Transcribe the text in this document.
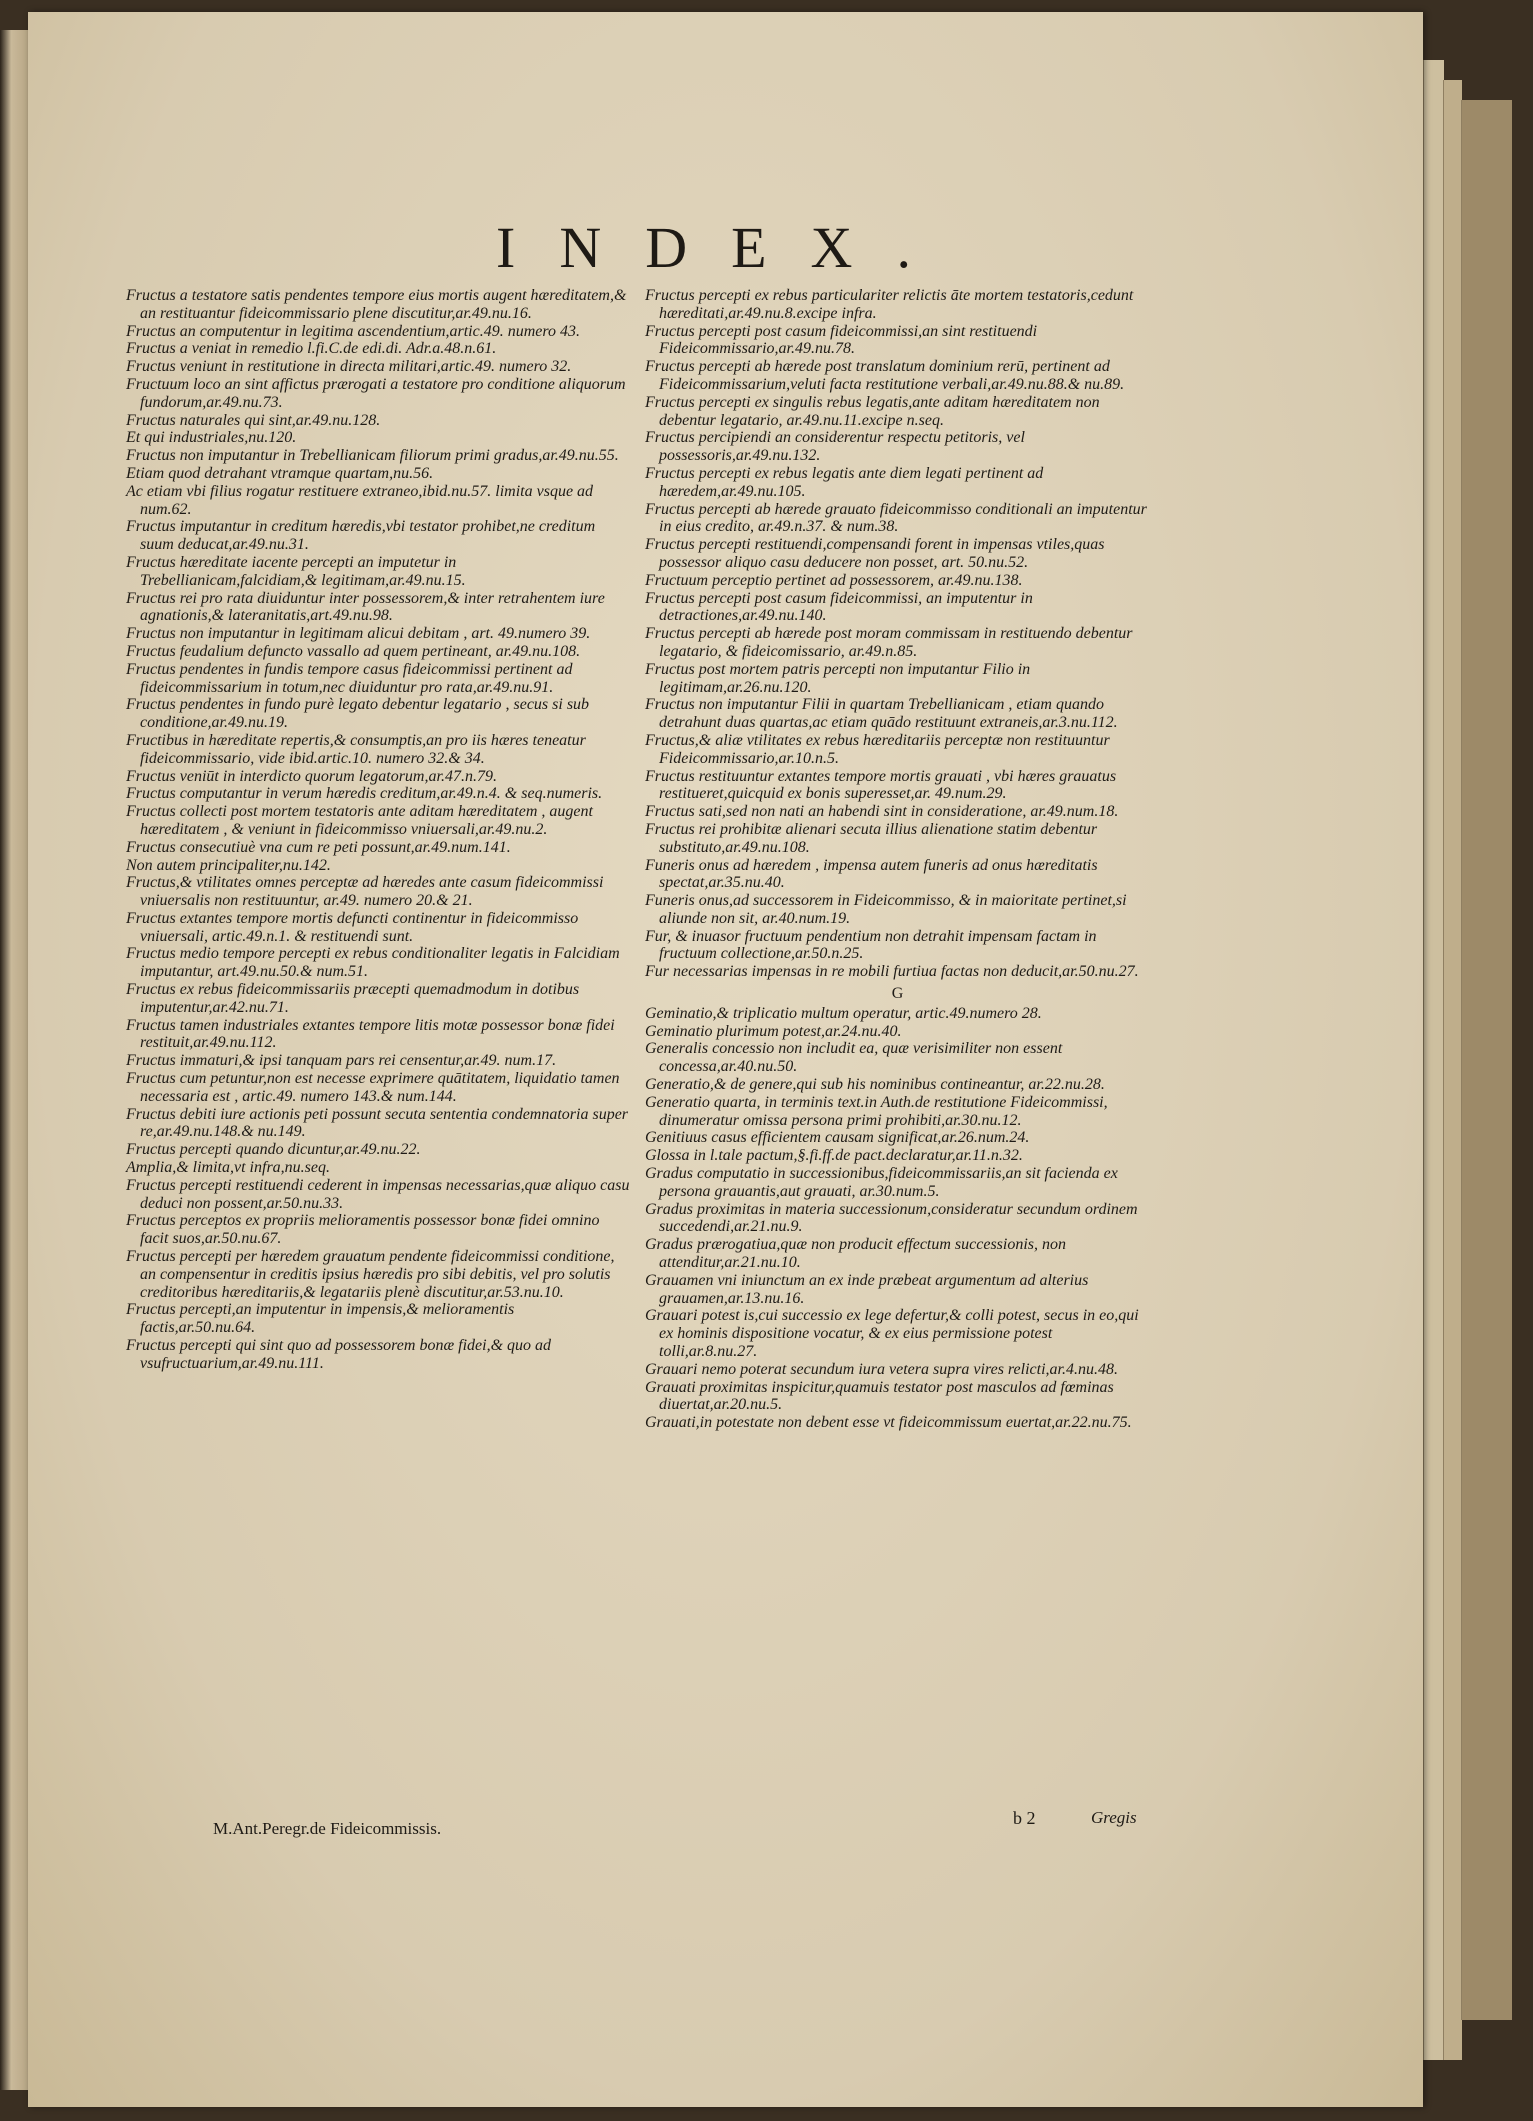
INDEX.

Fructus a testatore satis pendentes tempore eius mortis augent hæreditatem,& an restituantur fideicommissario plene discutitur,ar.49.nu.16.

Fructus an computentur in legitima ascendentium,artic.49. numero 43.

Fructus a veniat in remedio l.fi.C.de edi.di. Adr.a.48.n.61.

Fructus veniunt in restitutione in directa militari,artic.49. numero 32.

Fructuum loco an sint affictus prærogati a testatore pro conditione aliquorum fundorum,ar.49.nu.73.

Fructus naturales qui sint,ar.49.nu.128.

Et qui industriales,nu.120.

Fructus non imputantur in Trebellianicam filiorum primi gradus,ar.49.nu.55.

Etiam quod detrahant vtramque quartam,nu.56.

Ac etiam vbi filius rogatur restituere extraneo,ibid.nu.57. limita vsque ad num.62.

Fructus imputantur in creditum hæredis,vbi testator prohibet,ne creditum suum deducat,ar.49.nu.31.

Fructus hæreditate iacente percepti an imputetur in Trebellianicam,falcidiam,& legitimam,ar.49.nu.15.

Fructus rei pro rata diuiduntur inter possessorem,& inter retrahentem iure agnationis,& lateranitatis,art.49.nu.98.

Fructus non imputantur in legitimam alicui debitam , art. 49.numero 39.

Fructus feudalium defuncto vassallo ad quem pertineant, ar.49.nu.108.

Fructus pendentes in fundis tempore casus fideicommissi pertinent ad fideicommissarium in totum,nec diuiduntur pro rata,ar.49.nu.91.

Fructus pendentes in fundo purè legato debentur legatario , secus si sub conditione,ar.49.nu.19.

Fructibus in hæreditate repertis,& consumptis,an pro iis hæres teneatur fideicommissario, vide ibid.artic.10. numero 32.& 34.

Fructus veniūt in interdicto quorum legatorum,ar.47.n.79.

Fructus computantur in verum hæredis creditum,ar.49.n.4. & seq.numeris.

Fructus collecti post mortem testatoris ante aditam hæreditatem , augent hæreditatem , & veniunt in fideicommisso vniuersali,ar.49.nu.2.

Fructus consecutiuè vna cum re peti possunt,ar.49.num.141.

Non autem principaliter,nu.142.

Fructus,& vtilitates omnes perceptæ ad hæredes ante casum fideicommissi vniuersalis non restituuntur, ar.49. numero 20.& 21.

Fructus extantes tempore mortis defuncti continentur in fideicommisso vniuersali, artic.49.n.1. & restituendi sunt.

Fructus medio tempore percepti ex rebus conditionaliter legatis in Falcidiam imputantur, art.49.nu.50.& num.51.

Fructus ex rebus fideicommissariis præcepti quemadmodum in dotibus imputentur,ar.42.nu.71.

Fructus tamen industriales extantes tempore litis motæ possessor bonæ fidei restituit,ar.49.nu.112.

Fructus immaturi,& ipsi tanquam pars rei censentur,ar.49. num.17.

Fructus cum petuntur,non est necesse exprimere quātitatem, liquidatio tamen necessaria est , artic.49. numero 143.& num.144.

Fructus debiti iure actionis peti possunt secuta sententia condemnatoria super re,ar.49.nu.148.& nu.149.

Fructus percepti quando dicuntur,ar.49.nu.22.

Amplia,& limita,vt infra,nu.seq.

Fructus percepti restituendi cederent in impensas necessarias,quæ aliquo casu deduci non possent,ar.50.nu.33.

Fructus perceptos ex propriis melioramentis possessor bonæ fidei omnino facit suos,ar.50.nu.67.

Fructus percepti per hæredem grauatum pendente fideicommissi conditione, an compensentur in creditis ipsius hæredis pro sibi debitis, vel pro solutis creditoribus hæreditariis,& legatariis plenè discutitur,ar.53.nu.10.

Fructus percepti,an imputentur in impensis,& melioramentis factis,ar.50.nu.64.

Fructus percepti qui sint quo ad possessorem bonæ fidei,& quo ad vsufructuarium,ar.49.nu.111.

Fructus percepti ex rebus particulariter relictis āte mortem testatoris,cedunt hæreditati,ar.49.nu.8.excipe infra.

Fructus percepti post casum fideicommissi,an sint restituendi Fideicommissario,ar.49.nu.78.

Fructus percepti ab hærede post translatum dominium rerū, pertinent ad Fideicommissarium,veluti facta restitutione verbali,ar.49.nu.88.& nu.89.

Fructus percepti ex singulis rebus legatis,ante aditam hæreditatem non debentur legatario, ar.49.nu.11.excipe n.seq.

Fructus percipiendi an considerentur respectu petitoris, vel possessoris,ar.49.nu.132.

Fructus percepti ex rebus legatis ante diem legati pertinent ad hæredem,ar.49.nu.105.

Fructus percepti ab hærede grauato fideicommisso conditionali an imputentur in eius credito, ar.49.n.37. & num.38.

Fructus percepti restituendi,compensandi forent in impensas vtiles,quas possessor aliquo casu deducere non posset, art. 50.nu.52.

Fructuum perceptio pertinet ad possessorem, ar.49.nu.138.

Fructus percepti post casum fideicommissi, an imputentur in detractiones,ar.49.nu.140.

Fructus percepti ab hærede post moram commissam in restituendo debentur legatario, & fideicomissario, ar.49.n.85.

Fructus post mortem patris percepti non imputantur Filio in legitimam,ar.26.nu.120.

Fructus non imputantur Filii in quartam Trebellianicam , etiam quando detrahunt duas quartas,ac etiam quādo restituunt extraneis,ar.3.nu.112.

Fructus,& aliæ vtilitates ex rebus hæreditariis perceptæ non restituuntur Fideicommissario,ar.10.n.5.

Fructus restituuntur extantes tempore mortis grauati , vbi hæres grauatus restitueret,quicquid ex bonis superesset,ar. 49.num.29.

Fructus sati,sed non nati an habendi sint in consideratione, ar.49.num.18.

Fructus rei prohibitæ alienari secuta illius alienatione statim debentur substituto,ar.49.nu.108.

Funeris onus ad hæredem , impensa autem funeris ad onus hæreditatis spectat,ar.35.nu.40.

Funeris onus,ad successorem in Fideicommisso, & in maioritate pertinet,si aliunde non sit, ar.40.num.19.

Fur, & inuasor fructuum pendentium non detrahit impensam factam in fructuum collectione,ar.50.n.25.

Fur necessarias impensas in re mobili furtiua factas non deducit,ar.50.nu.27.

G

Geminatio,& triplicatio multum operatur, artic.49.numero 28.

Geminatio plurimum potest,ar.24.nu.40.

Generalis concessio non includit ea, quæ verisimiliter non essent concessa,ar.40.nu.50.

Generatio,& de genere,qui sub his nominibus contineantur, ar.22.nu.28.

Generatio quarta, in terminis text.in Auth.de restitutione Fideicommissi, dinumeratur omissa persona primi prohibiti,ar.30.nu.12.

Genitiuus casus efficientem causam significat,ar.26.num.24.

Glossa in l.tale pactum,§.fi.ff.de pact.declaratur,ar.11.n.32.

Gradus computatio in successionibus,fideicommissariis,an sit facienda ex persona grauantis,aut grauati, ar.30.num.5.

Gradus proximitas in materia successionum,consideratur secundum ordinem succedendi,ar.21.nu.9.

Gradus prærogatiua,quæ non producit effectum successionis, non attenditur,ar.21.nu.10.

Grauamen vni iniunctum an ex inde præbeat argumentum ad alterius grauamen,ar.13.nu.16.

Grauari potest is,cui successio ex lege defertur,& colli potest, secus in eo,qui ex hominis dispositione vocatur, & ex eius permissione potest tolli,ar.8.nu.27.

Grauari nemo poterat secundum iura vetera supra vires relicti,ar.4.nu.48.

Grauati proximitas inspicitur,quamuis testator post masculos ad fœminas diuertat,ar.20.nu.5.

Grauati,in potestate non debent esse vt fideicommissum euertat,ar.22.nu.75.

M.Ant.Peregr.de Fideicommissis.
b 2	Gregis
